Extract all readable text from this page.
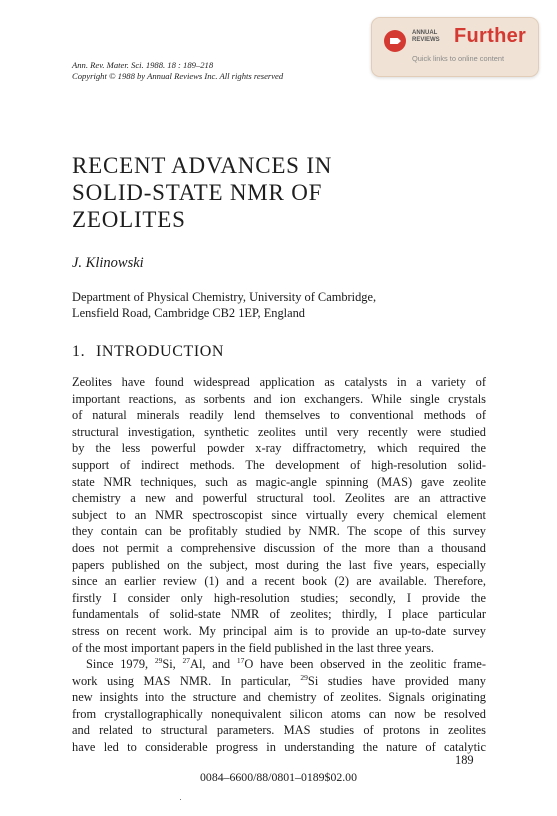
Ann. Rev. Mater. Sci. 1988. 18 : 189–218
Copyright © 1988 by Annual Reviews Inc. All rights reserved
ANNUAL
REVIEWS Further
Quick links to online content
RECENT ADVANCES IN
SOLID-STATE NMR OF
ZEOLITES
J. Klinowski
Department of Physical Chemistry, University of Cambridge,
Lensfield Road, Cambridge CB2 1EP, England
1. INTRODUCTION
Zeolites have found widespread application as catalysts in a variety of
important reactions, as sorbents and ion exchangers. While single crystals
of natural minerals readily lend themselves to conventional methods of
structural investigation, synthetic zeolites until very recently were studied
by the less powerful powder x-ray diffractometry, which required the
support of indirect methods. The development of high-resolution solid-
state NMR techniques, such as magic-angle spinning (MAS) gave zeolite
chemistry a new and powerful structural tool. Zeolites are an attractive
subject to an NMR spectroscopist since virtually every chemical element
they contain can be profitably studied by NMR. The scope of this survey
does not permit a comprehensive discussion of the more than a thousand
papers published on the subject, most during the last five years, especially
since an earlier review (1) and a recent book (2) are available. Therefore,
firstly I consider only high-resolution studies; secondly, I provide the
fundamentals of solid-state NMR of zeolites; thirdly, I place particular
stress on recent work. My principal aim is to provide an up-to-date survey
of the most important papers in the field published in the last three years.
Since 1979, $^{29}$Si, $^{27}$Al, and $^{17}$O have been observed in the zeolitic frame-
work using MAS NMR. In particular, $^{29}$Si studies have provided many
new insights into the structure and chemistry of zeolites. Signals originating
from crystallographically nonequivalent silicon atoms can now be resolved
and related to structural parameters. MAS studies of protons in zeolites
have led to considerable progress in understanding the nature of catalytic
189
0084–6600/88/0801–0189$02.00
